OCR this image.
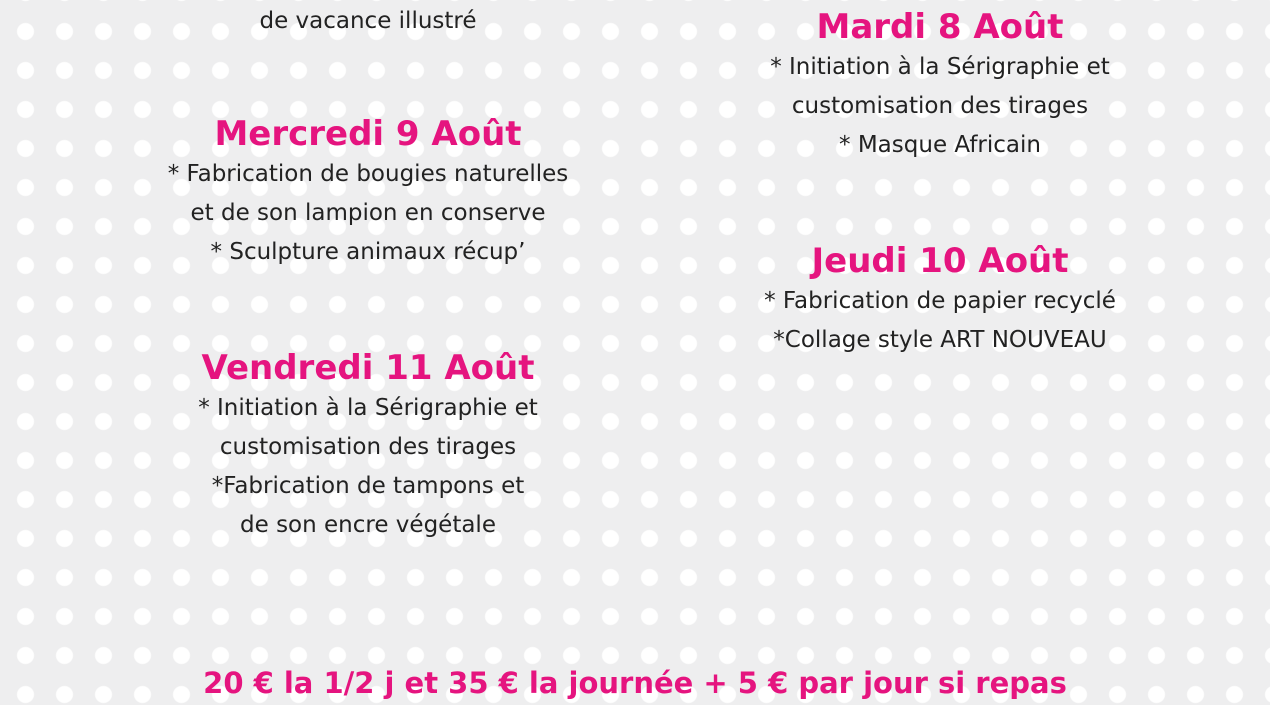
de vacance illustré	Mardi 8 Août
* Initiation à la Sérigraphie et
customisation des tirages
* Masque Africain
Mercredi 9 Août
* Fabrication de bougies naturelles
et de son lampion en conserve
* Sculpture animaux récup’	Jeudi 10 Août
* Fabrication de papier recyclé
*Collage style ART NOUVEAU
Vendredi 11 Août
* Initiation à la Sérigraphie et
customisation des tirages
*Fabrication de tampons et
de son encre végétale
20 € la 1/2 j et 35 € la journée + 5 € par jour si repas
